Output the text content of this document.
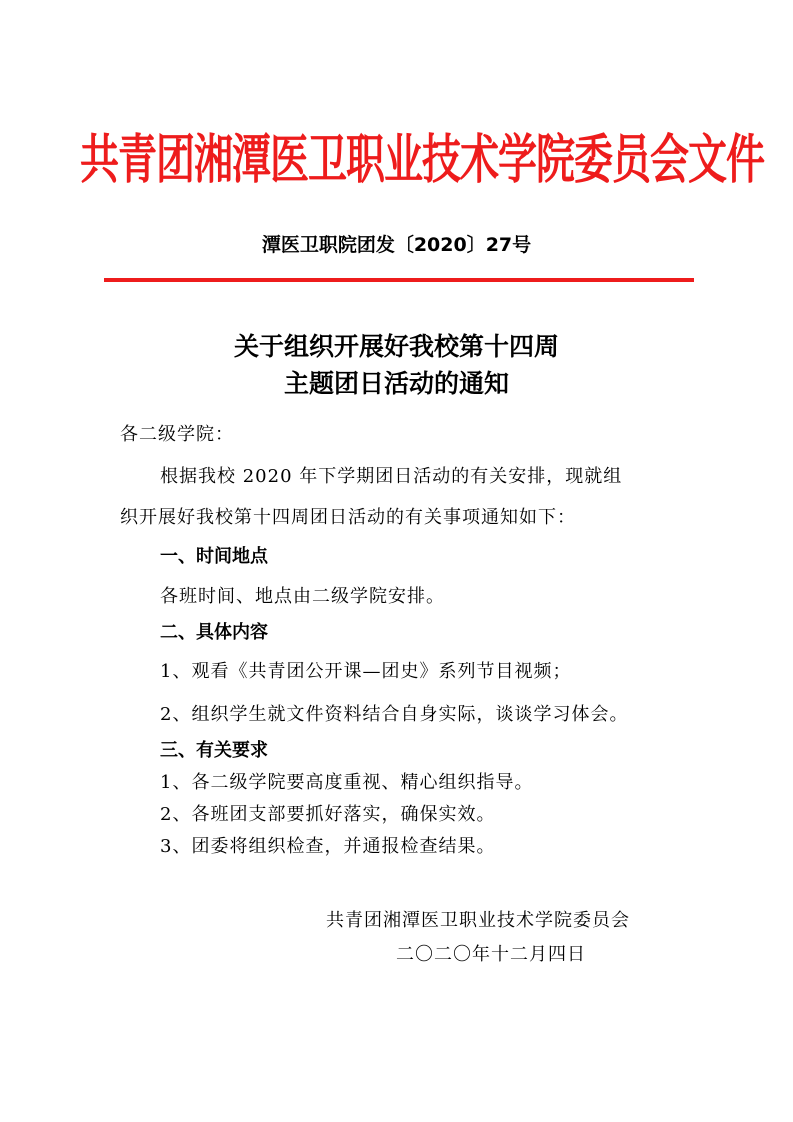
共青团湘潭医卫职业技术学院委员会文件
潭医卫职院团发〔2020〕27号
关于组织开展好我校第十四周
主题团日活动的通知
各二级学院：
根据我校 2020 年下学期团日活动的有关安排，现就组
织开展好我校第十四周团日活动的有关事项通知如下：
一、时间地点
各班时间、地点由二级学院安排。
二、具体内容
1、观看《共青团公开课—团史》系列节目视频；
2、组织学生就文件资料结合自身实际，谈谈学习体会。
三、有关要求
1、各二级学院要高度重视、精心组织指导。
2、各班团支部要抓好落实，确保实效。
3、团委将组织检查，并通报检查结果。
共青团湘潭医卫职业技术学院委员会
二〇二〇年十二月四日
